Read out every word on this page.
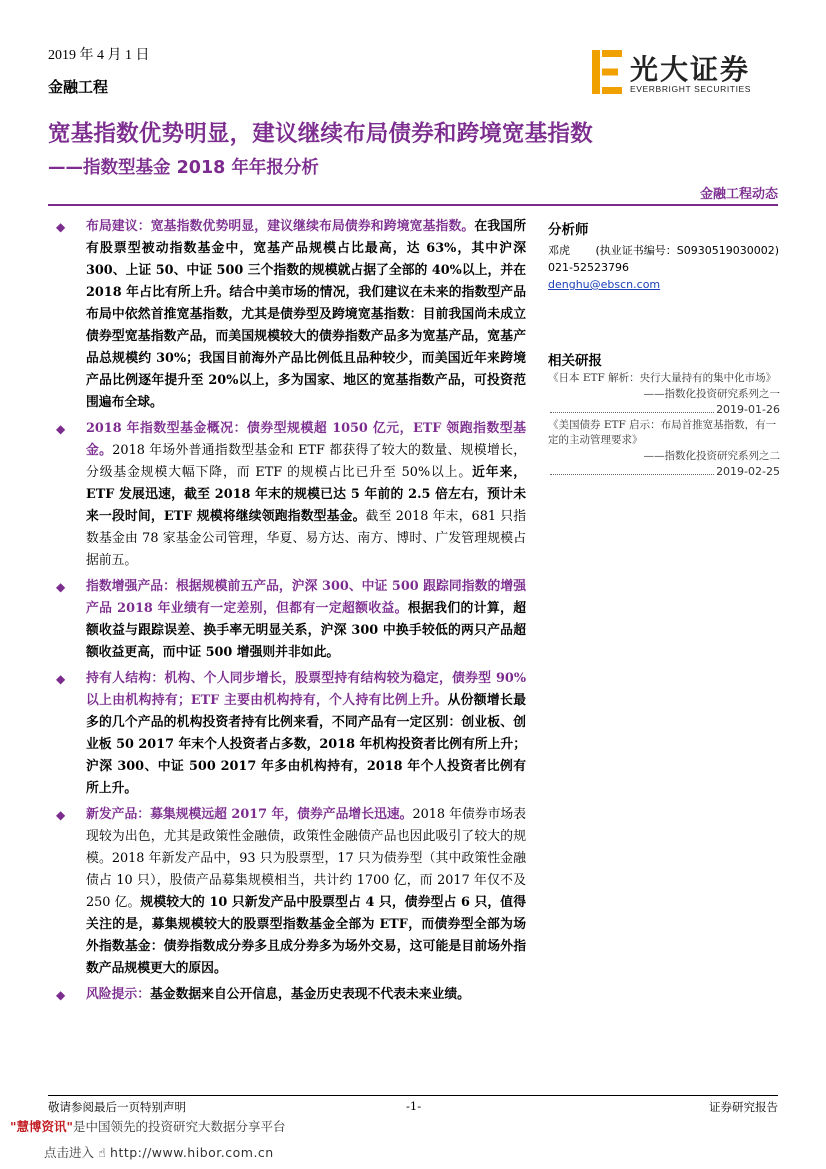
2019 年 4 月 1 日
金融工程
光大证券
EVERBRIGHT SECURITIES
宽基指数优势明显，建议继续布局债券和跨境宽基指数
——指数型基金 2018 年年报分析
金融工程动态
◆ 布局建议：宽基指数优势明显，建议继续布局债券和跨境宽基指数。在我国所有股票型被动指数基金中，宽基产品规模占比最高，达 63%，其中沪深 300、上证 50、中证 500 三个指数的规模就占据了全部的 40%以上，并在 2018 年占比有所上升。结合中美市场的情况，我们建议在未来的指数型产品布局中依然首推宽基指数，尤其是债券型及跨境宽基指数：目前我国尚未成立债券型宽基指数产品，而美国规模较大的债券指数产品多为宽基产品，宽基产品总规模约 30%；我国目前海外产品比例低且品种较少，而美国近年来跨境产品比例逐年提升至 20%以上，多为国家、地区的宽基指数产品，可投资范围遍布全球。
◆ 2018 年指数型基金概况：债券型规模超 1050 亿元，ETF 领跑指数型基金。2018 年场外普通指数型基金和 ETF 都获得了较大的数量、规模增长，分级基金规模大幅下降，而 ETF 的规模占比已升至 50%以上。近年来，ETF 发展迅速，截至 2018 年末的规模已达 5 年前的 2.5 倍左右，预计未来一段时间，ETF 规模将继续领跑指数型基金。截至 2018 年末，681 只指数基金由 78 家基金公司管理，华夏、易方达、南方、博时、广发管理规模占据前五。
◆ 指数增强产品：根据规模前五产品，沪深 300、中证 500 跟踪同指数的增强产品 2018 年业绩有一定差别，但都有一定超额收益。根据我们的计算，超额收益与跟踪误差、换手率无明显关系，沪深 300 中换手较低的两只产品超额收益更高，而中证 500 增强则并非如此。
◆ 持有人结构：机构、个人同步增长，股票型持有结构较为稳定，债券型 90%以上由机构持有；ETF 主要由机构持有，个人持有比例上升。从份额增长最多的几个产品的机构投资者持有比例来看，不同产品有一定区别：创业板、创业板 50 2017 年末个人投资者占多数，2018 年机构投资者比例有所上升；沪深 300、中证 500 2017 年多由机构持有，2018 年个人投资者比例有所上升。
◆ 新发产品：募集规模远超 2017 年，债券产品增长迅速。2018 年债券市场表现较为出色，尤其是政策性金融债，政策性金融债产品也因此吸引了较大的规模。2018 年新发产品中，93 只为股票型，17 只为债券型（其中政策性金融债占 10 只），股债产品募集规模相当，共计约 1700 亿，而 2017 年仅不及 250 亿。规模较大的 10 只新发产品中股票型占 4 只，债券型占 6 只，值得关注的是，募集规模较大的股票型指数基金全部为 ETF，而债券型全部为场外指数基金：债券指数成分券多且成分券多为场外交易，这可能是目前场外指数产品规模更大的原因。
◆ 风险提示：基金数据来自公开信息，基金历史表现不代表未来业绩。
分析师
邓虎 (执业证书编号：S0930519030002)
021-52523796
denghu@ebscn.com
相关研报
《日本 ETF 解析：央行大量持有的集中化市场》
——指数化投资研究系列之一
2019-01-26
《美国债券 ETF 启示：布局首推宽基指数，有一定的主动管理要求》
——指数化投资研究系列之二
2019-02-25
敬请参阅最后一页特别声明	-1-	证券研究报告
"慧博资讯"是中国领先的投资研究大数据分享平台
点击进入 ☝ http://www.hibor.com.cn
